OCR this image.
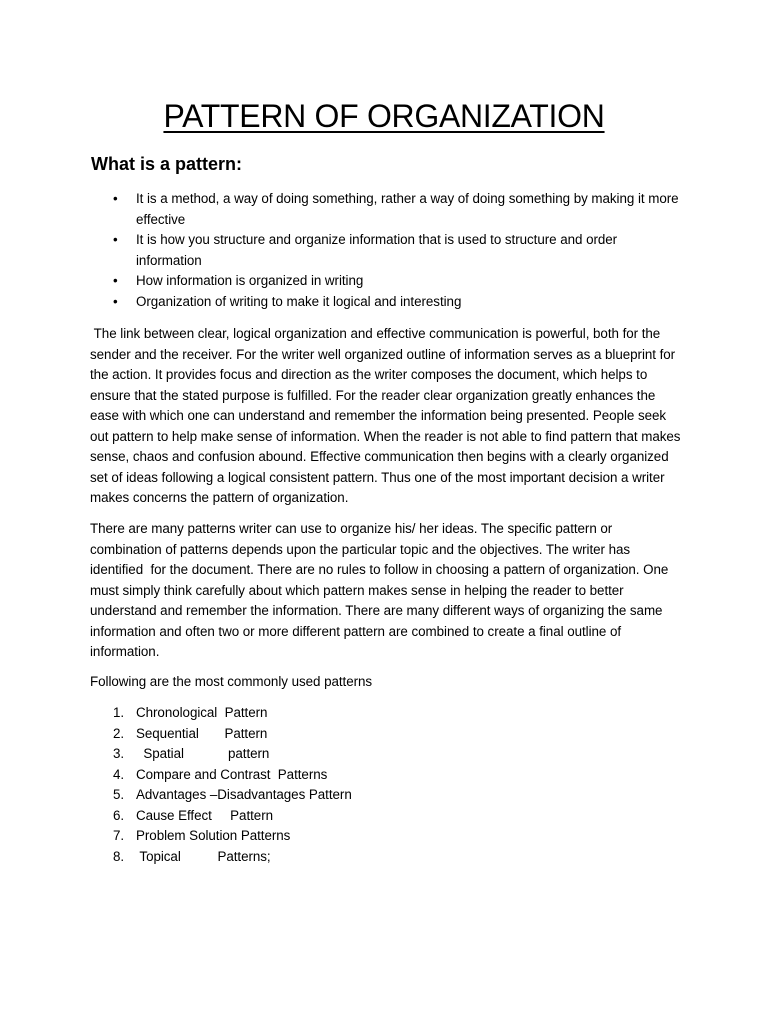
PATTERN OF ORGANIZATION
What is a pattern:
• It is a method, a way of doing something, rather a way of doing something by making it more effective
• It is how you structure and organize information that is used to structure and order information
• How information is organized in writing
• Organization of writing to make it logical and interesting

The link between clear, logical organization and effective communication is powerful, both for the sender and the receiver. For the writer well organized outline of information serves as a blueprint for the action. It provides focus and direction as the writer composes the document, which helps to ensure that the stated purpose is fulfilled. For the reader clear organization greatly enhances the ease with which one can understand and remember the information being presented. People seek out pattern to help make sense of information. When the reader is not able to find pattern that makes sense, chaos and confusion abound. Effective communication then begins with a clearly organized set of ideas following a logical consistent pattern. Thus one of the most important decision a writer makes concerns the pattern of organization.

There are many patterns writer can use to organize his/ her ideas. The specific pattern or combination of patterns depends upon the particular topic and the objectives. The writer has identified  for the document. There are no rules to follow in choosing a pattern of organization. One must simply think carefully about which pattern makes sense in helping the reader to better understand and remember the information. There are many different ways of organizing the same information and often two or more different pattern are combined to create a final outline of information.

Following are the most commonly used patterns

1. Chronological  Pattern
2. Sequential       Pattern
3. Spatial            pattern
4. Compare and Contrast  Patterns
5. Advantages –Disadvantages Pattern
6. Cause Effect     Pattern
7. Problem Solution Patterns
8. Topical          Patterns;
